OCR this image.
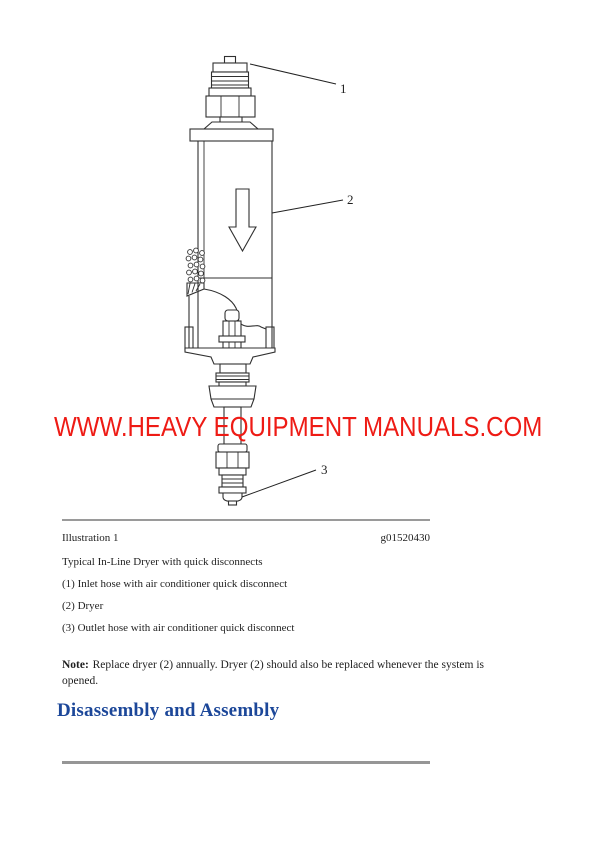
1
2
3
WWW.HEAVY EQUIPMENT MANUALS.COM
Illustration 1	g01520430
Typical In-Line Dryer with quick disconnects
(1) Inlet hose with air conditioner quick disconnect
(2) Dryer
(3) Outlet hose with air conditioner quick disconnect

Note: Replace dryer (2) annually. Dryer (2) should also be replaced whenever the system is opened.

Disassembly and Assembly
